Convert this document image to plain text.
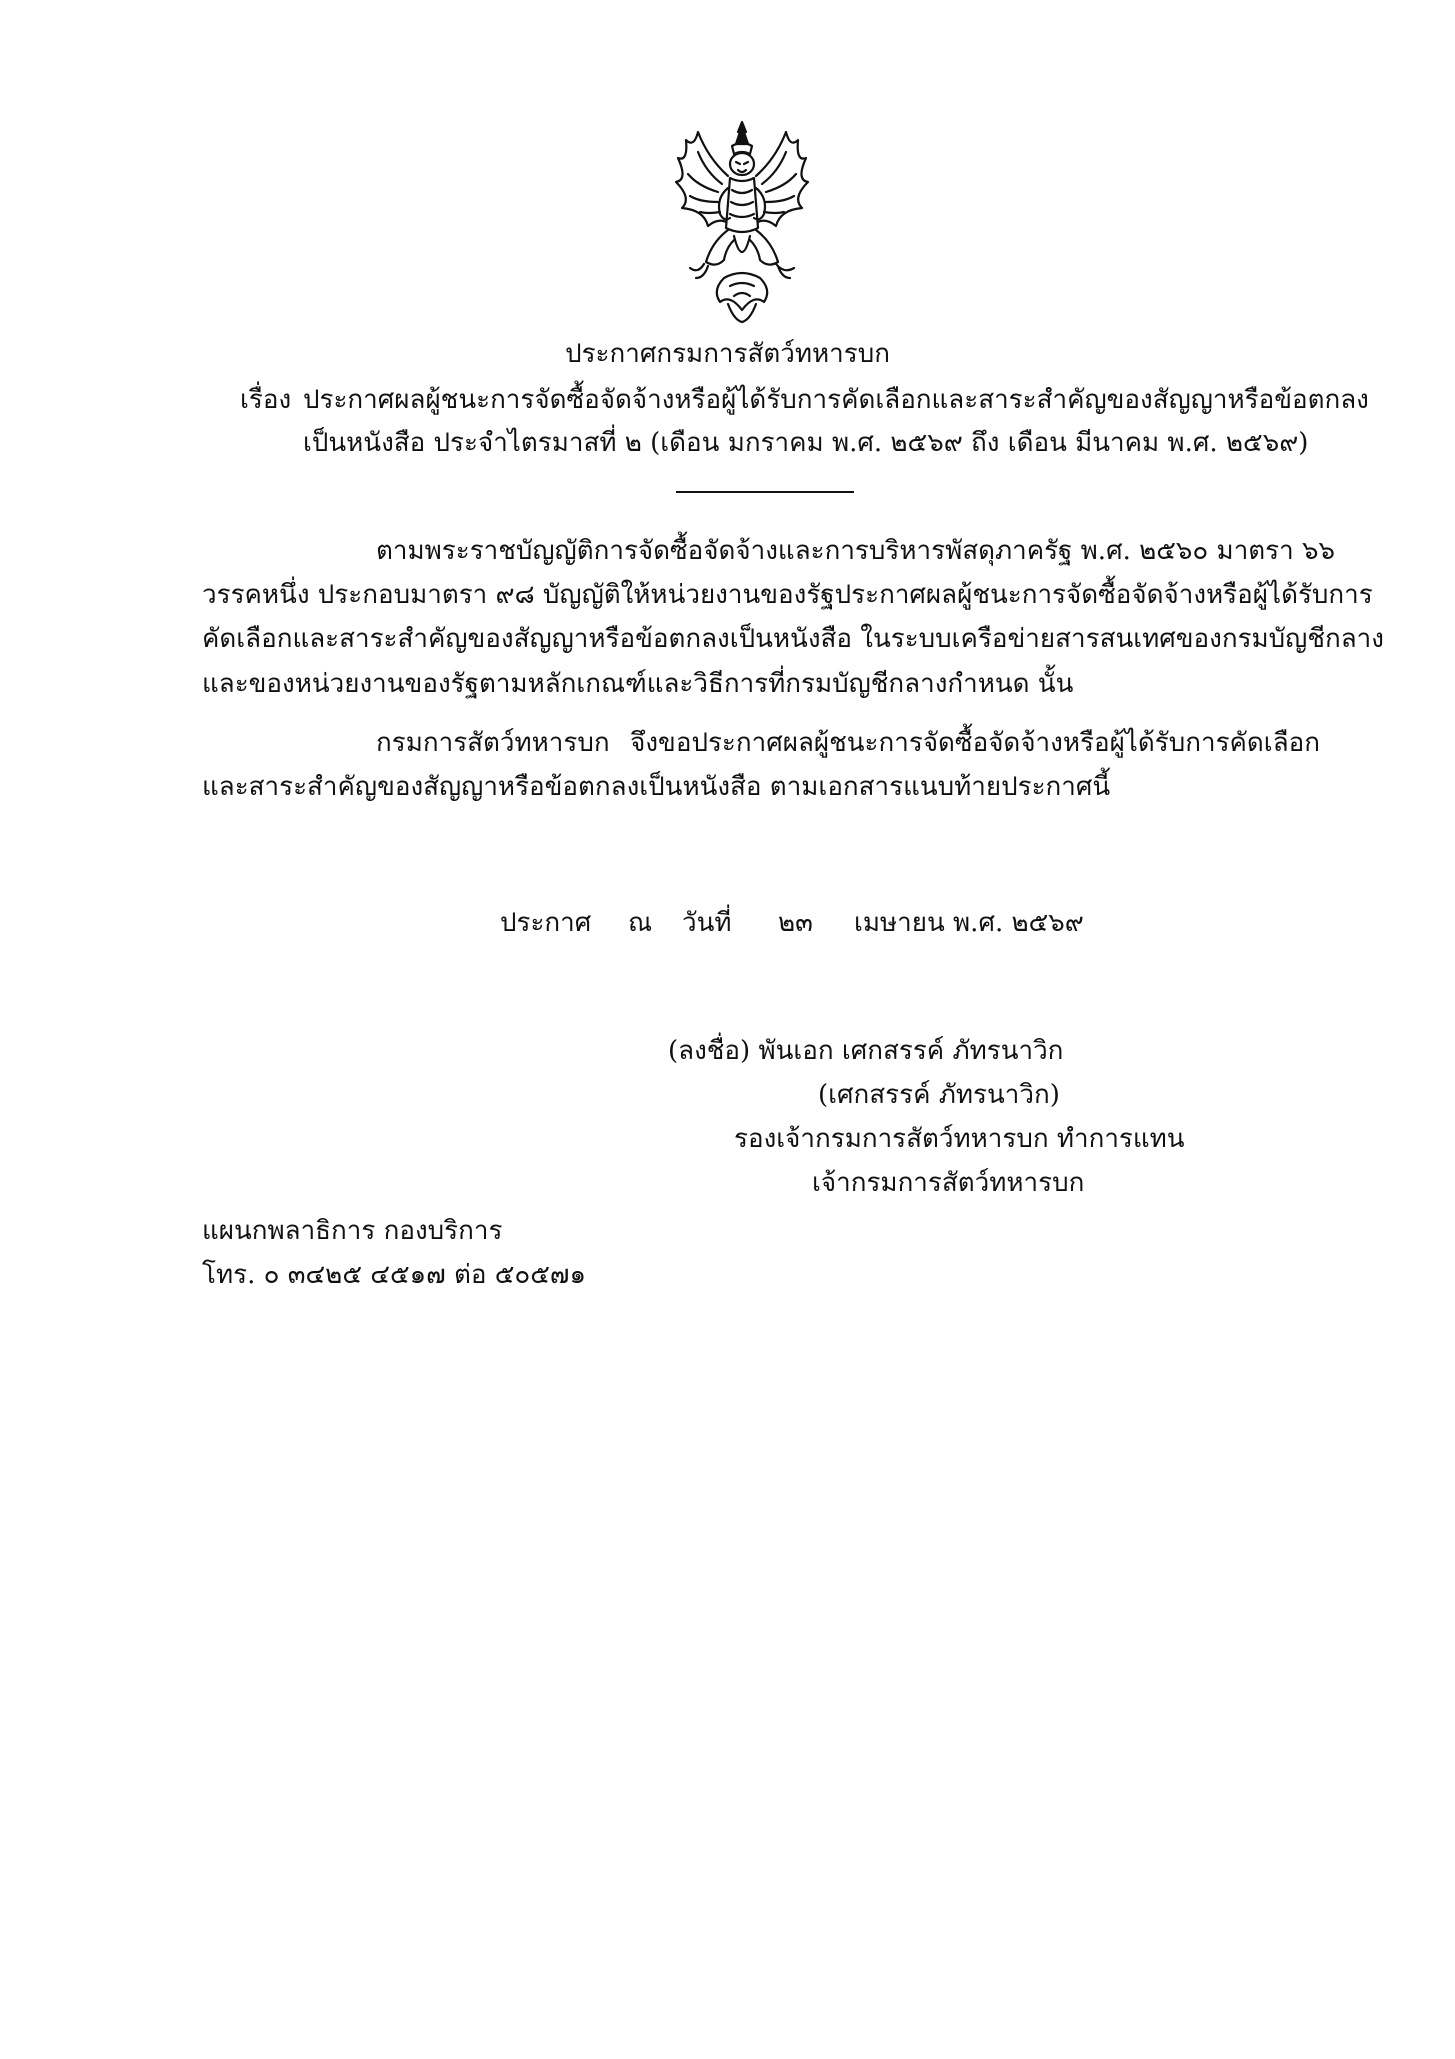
ประกาศกรมการสัตว์ทหารบก
เรื่อง ประกาศผลผู้ชนะการจัดซื้อจัดจ้างหรือผู้ได้รับการคัดเลือกและสาระสำคัญของสัญญาหรือข้อตกลง
เป็นหนังสือ ประจำไตรมาสที่ ๒ (เดือน มกราคม พ.ศ. ๒๕๖๙ ถึง เดือน มีนาคม พ.ศ. ๒๕๖๙)
ตามพระราชบัญญัติการจัดซื้อจัดจ้างและการบริหารพัสดุภาครัฐ พ.ศ. ๒๕๖๐ มาตรา ๖๖
วรรคหนึ่ง ประกอบมาตรา ๙๘ บัญญัติให้หน่วยงานของรัฐประกาศผลผู้ชนะการจัดซื้อจัดจ้างหรือผู้ได้รับการ
คัดเลือกและสาระสำคัญของสัญญาหรือข้อตกลงเป็นหนังสือ ในระบบเครือข่ายสารสนเทศของกรมบัญชีกลาง
และของหน่วยงานของรัฐตามหลักเกณฑ์และวิธีการที่กรมบัญชีกลางกำหนด นั้น
กรมการสัตว์ทหารบก จึงขอประกาศผลผู้ชนะการจัดซื้อจัดจ้างหรือผู้ได้รับการคัดเลือก
และสาระสำคัญของสัญญาหรือข้อตกลงเป็นหนังสือ ตามเอกสารแนบท้ายประกาศนี้
ประกาศ ณ วันที่ ๒๓ เมษายน พ.ศ. ๒๕๖๙
(ลงชื่อ) พันเอก เศกสรรค์ ภัทรนาวิก
(เศกสรรค์ ภัทรนาวิก)
รองเจ้ากรมการสัตว์ทหารบก ทำการแทน
เจ้ากรมการสัตว์ทหารบก
แผนกพลาธิการ กองบริการ
โทร. ๐ ๓๔๒๕ ๔๕๑๗ ต่อ ๕๐๕๗๑
